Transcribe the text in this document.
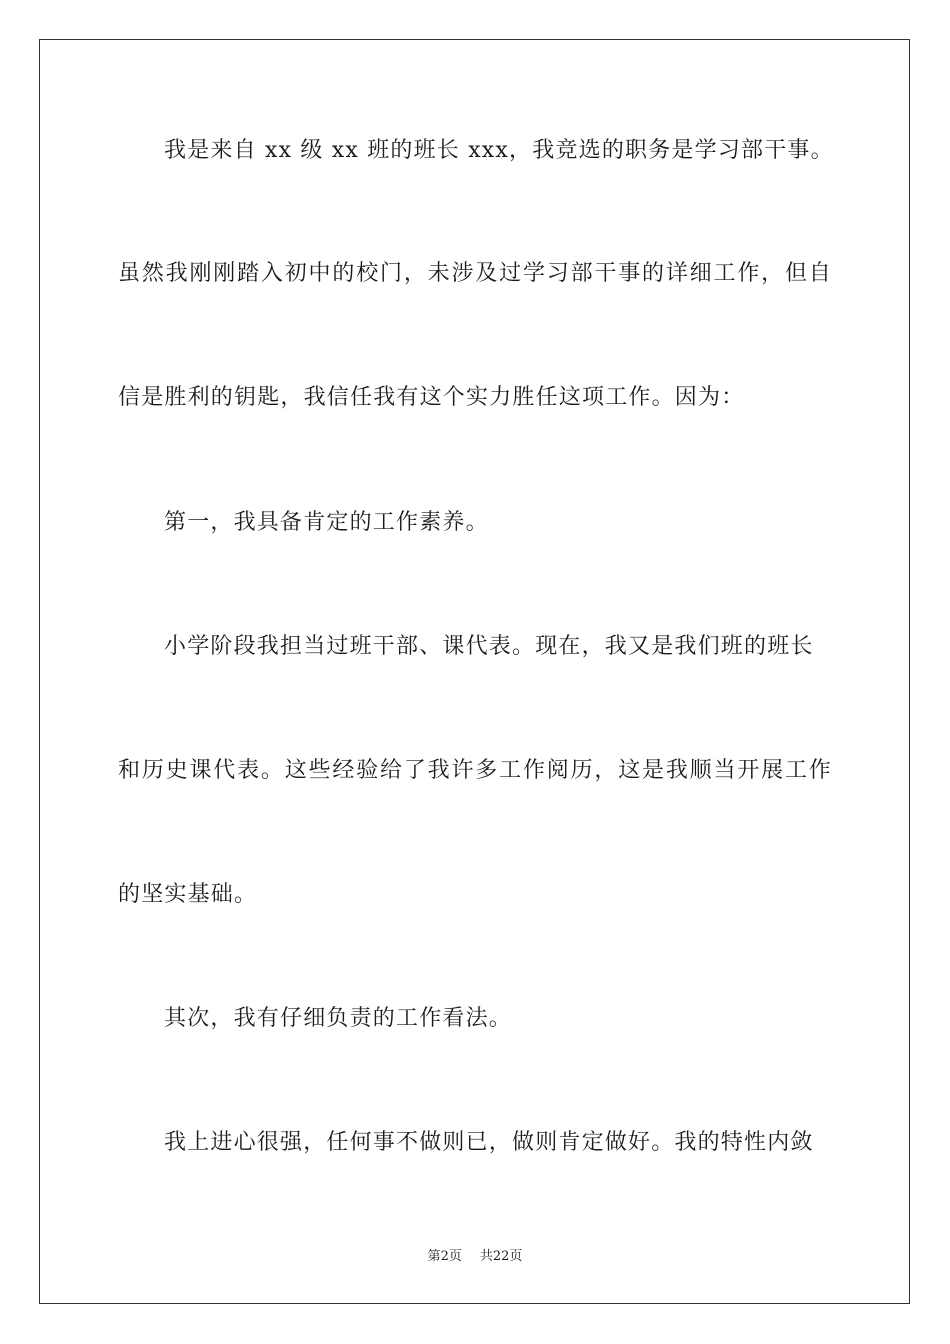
我是来自 xx 级 xx 班的班长 xxx，我竞选的职务是学习部干事。
虽然我刚刚踏入初中的校门，未涉及过学习部干事的详细工作，但自
信是胜利的钥匙，我信任我有这个实力胜任这项工作。因为：
第一，我具备肯定的工作素养。
小学阶段我担当过班干部、课代表。现在，我又是我们班的班长
和历史课代表。这些经验给了我许多工作阅历，这是我顺当开展工作
的坚实基础。
其次，我有仔细负责的工作看法。
我上进心很强，任何事不做则已，做则肯定做好。我的特性内敛
第2页 共22页
